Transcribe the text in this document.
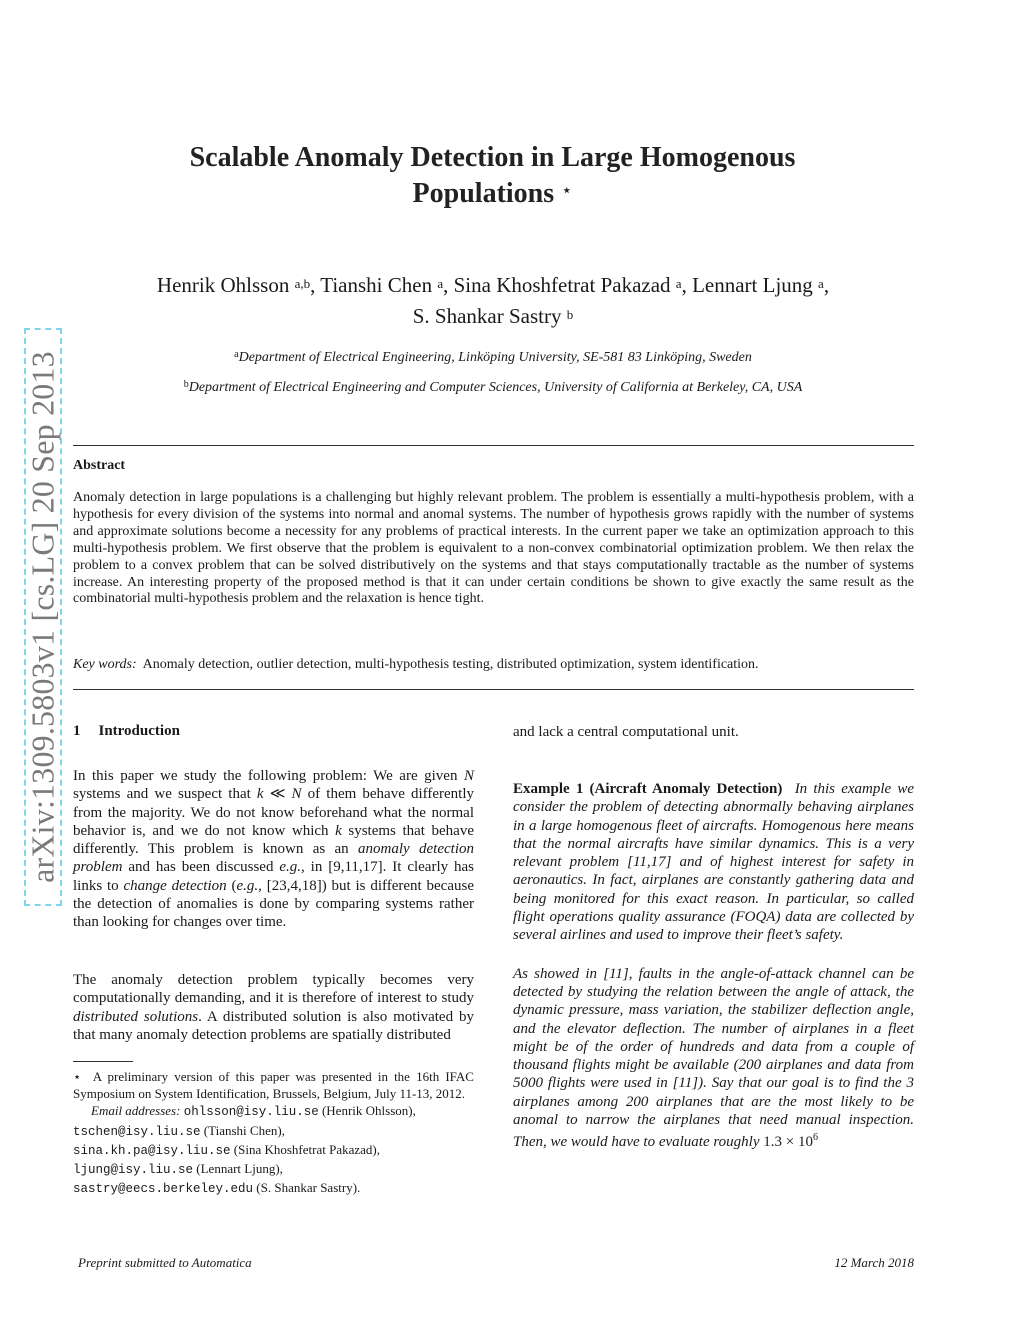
arXiv:1309.5803v1 [cs.LG] 20 Sep 2013
Scalable Anomaly Detection in Large Homogenous
Populations ⋆
Henrik Ohlsson $^{a,b}$, Tianshi Chen $^a$, Sina Khoshfetrat Pakazad $^a$, Lennart Ljung $^a$,
S. Shankar Sastry $^b$
$^a$Department of Electrical Engineering, Linköping University, SE-581 83 Linköping, Sweden
$^b$Department of Electrical Engineering and Computer Sciences, University of California at Berkeley, CA, USA
Abstract
Anomaly detection in large populations is a challenging but highly relevant problem. The problem is essentially a multi-hypothesis problem, with a hypothesis for every division of the systems into normal and anomal systems. The number of hypothesis grows rapidly with the number of systems and approximate solutions become a necessity for any problems of practical interests. In the current paper we take an optimization approach to this multi-hypothesis problem. We first observe that the problem is equivalent to a non-convex combinatorial optimization problem. We then relax the problem to a convex problem that can be solved distributively on the systems and that stays computationally tractable as the number of systems increase. An interesting property of the proposed method is that it can under certain conditions be shown to give exactly the same result as the combinatorial multi-hypothesis problem and the relaxation is hence tight.
Key words: Anomaly detection, outlier detection, multi-hypothesis testing, distributed optimization, system identification.
1 Introduction

In this paper we study the following problem: We are given N systems and we suspect that k ≪ N of them behave differently from the majority. We do not know beforehand what the normal behavior is, and we do not know which k systems that behave differently. This problem is known as an anomaly detection problem and has been discussed e.g., in [9,11,17]. It clearly has links to change detection (e.g., [23,4,18]) but is different because the detection of anomalies is done by comparing systems rather than looking for changes over time.

The anomaly detection problem typically becomes very computationally demanding, and it is therefore of interest to study distributed solutions. A distributed solution is also motivated by that many anomaly detection problems are spatially distributed

⋆ A preliminary version of this paper was presented in the 16th IFAC Symposium on System Identification, Brussels, Belgium, July 11-13, 2012.

Email addresses: ohlsson@isy.liu.se (Henrik Ohlsson),

tschen@isy.liu.se (Tianshi Chen),

sina.kh.pa@isy.liu.se (Sina Khoshfetrat Pakazad),

ljung@isy.liu.se (Lennart Ljung),

sastry@eecs.berkeley.edu (S. Shankar Sastry).

Example 1 (Aircraft Anomaly Detection) In this example we consider the problem of detecting abnormally behaving airplanes in a large homogenous fleet of aircrafts. Homogenous here means that the normal aircrafts have similar dynamics. This is a very relevant problem [11,17] and of highest interest for safety in aeronautics. In fact, airplanes are constantly gathering data and being monitored for this exact reason. In particular, so called flight operations quality assurance (FOQA) data are collected by several airlines and used to improve their fleet’s safety.

As showed in [11], faults in the angle-of-attack channel can be detected by studying the relation between the angle of attack, the dynamic pressure, mass variation, the stabilizer deflection angle, and the elevator deflection. The number of airplanes in a fleet might be of the order of hundreds and data from a couple of thousand flights might be available (200 airplanes and data from 5000 flights were used in [11]). Say that our goal is to find the 3 airplanes among 200 airplanes that are the most likely to be anomal to narrow the airplanes that need manual inspection. Then, we would have to evaluate roughly $1.3 \times 10^6$

Preprint submitted to Automatica	12 March 2018
and lack a central computational unit.
